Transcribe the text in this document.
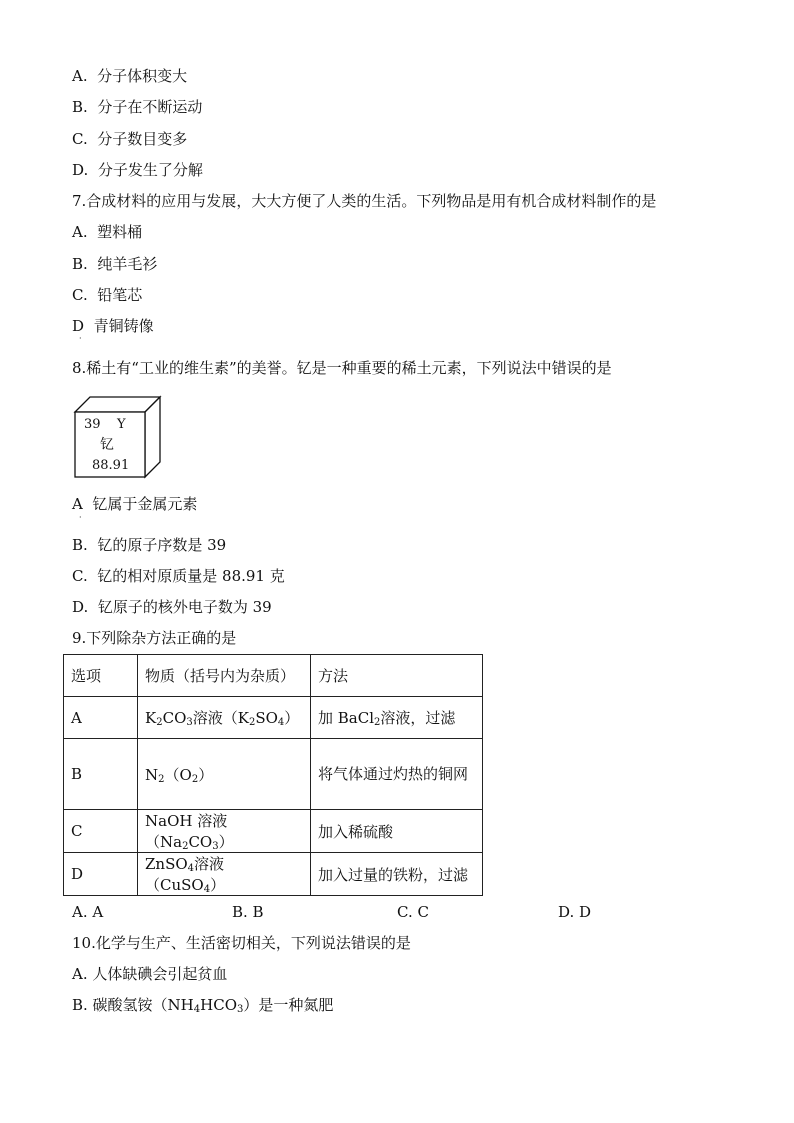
A. 分子体积变大
B. 分子在不断运动
C. 分子数目变多
D. 分子发生了分解
7.合成材料的应用与发展，大大方便了人类的生活。下列物品是用有机合成材料制作的是
A. 塑料桶
B. 纯羊毛衫
C. 铅笔芯
D 青铜铸像
·
8.稀土有“工业的维生素”的美誉。钇是一种重要的稀土元素，下列说法中错误的是
39 Y
钇
88.91
A 钇属于金属元素
·
B. 钇的原子序数是 39
C. 钇的相对原质量是 88.91 克
D. 钇原子的核外电子数为 39
9.下列除杂方法正确的是
选项	物质（括号内为杂质）	方法
A	$K_2CO_3$溶液$(K_2SO_4)$	加 BaCl$_2$溶液，过滤
B	$N_2(O_2)$	将气体通过灼热的铜网

C	NaOH 溶液$(Na_2CO_3)$	加入稀硫酸
D	ZnSO$_4$溶液（CuSO$_4$）	加入过量的铁粉，过滤
A. A	B. B	C. C	D. D
10.化学与生产、生活密切相关，下列说法错误的是
A. 人体缺碘会引起贫血
B. 碳酸氢铵$(NH_4HCO_3)$是一种氮肥
